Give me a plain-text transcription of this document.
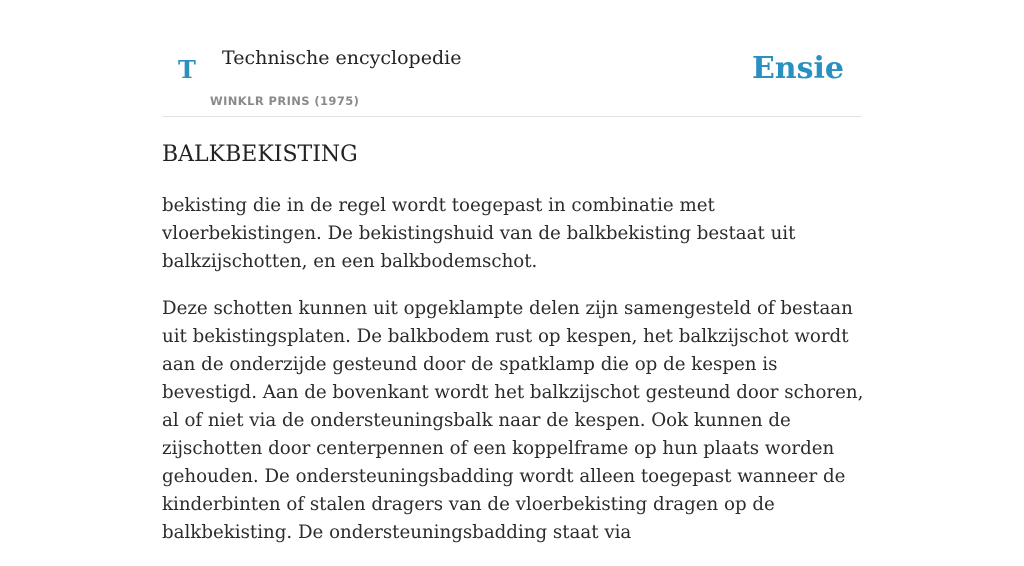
T Technische encyclopedie
WINKLR PRINS (1975)
Ensie
BALKBEKISTING

bekisting die in de regel wordt toegepast in combinatie met vloerbekistingen. De bekistingshuid van de balkbekisting bestaat uit balkzijschotten, en een balkbodemschot.

Deze schotten kunnen uit opgeklampte delen zijn samengesteld of bestaan uit bekistingsplaten. De balkbodem rust op kespen, het balkzijschot wordt aan de onderzijde gesteund door de spatklamp die op de kespen is bevestigd. Aan de bovenkant wordt het balkzijschot gesteund door schoren, al of niet via de ondersteuningsbalk naar de kespen. Ook kunnen de zijschotten door centerpennen of een koppelframe op hun plaats worden gehouden. De ondersteuningsbadding wordt alleen toegepast wanneer de kinderbinten of stalen dragers van de vloerbekisting dragen op de balkbekisting. De ondersteuningsbadding staat via
